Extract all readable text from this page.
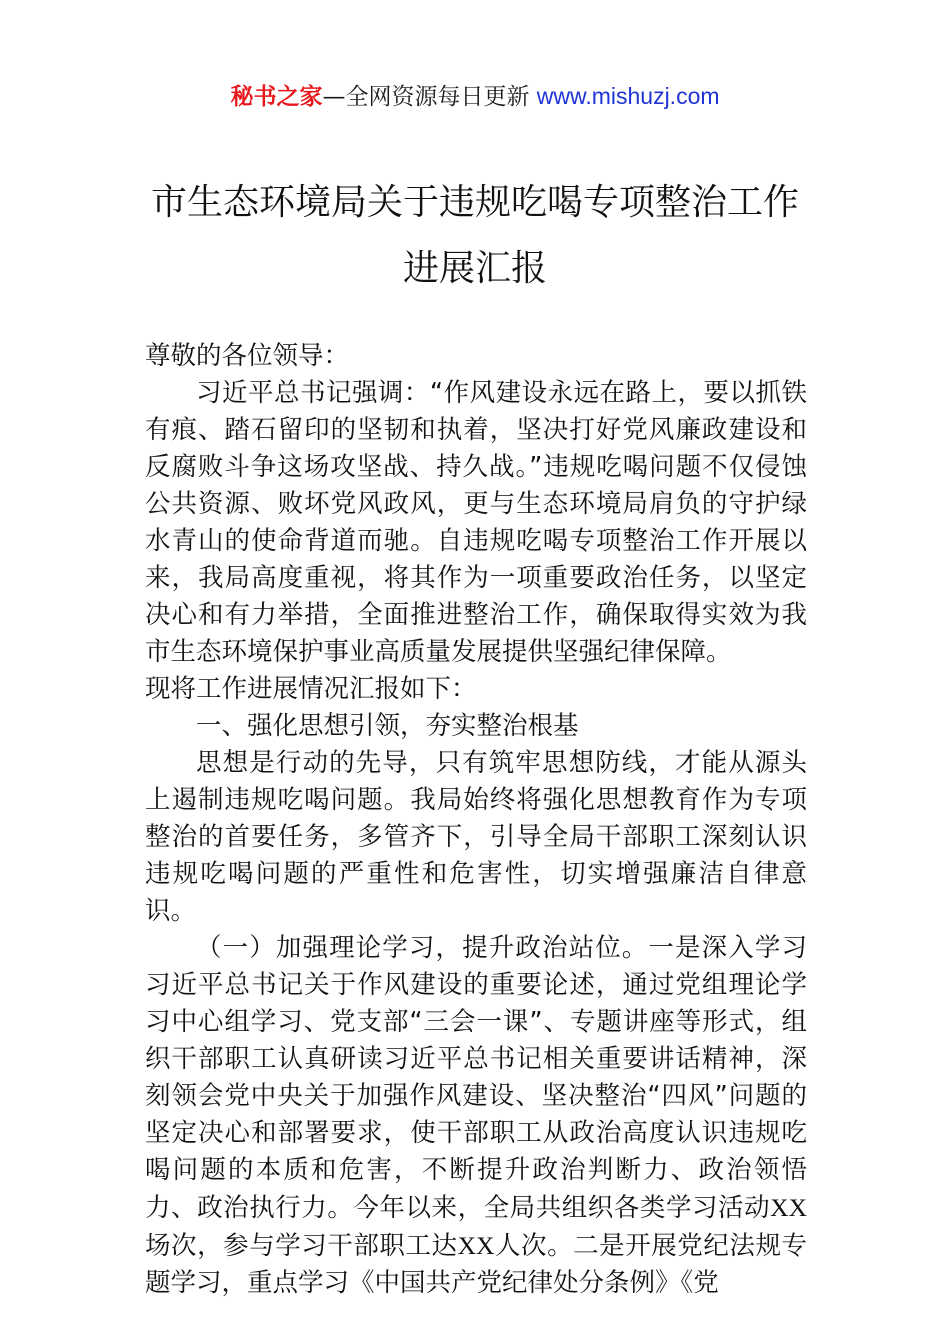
秘书之家—全网资源每日更新 www.mishuzj.com
市生态环境局关于违规吃喝专项整治工作
进展汇报

尊敬的各位领导：

习近平总书记强调：“作风建设永远在路上，要以抓铁有痕、踏石留印的坚韧和执着，坚决打好党风廉政建设和反腐败斗争这场攻坚战、持久战。”违规吃喝问题不仅侵蚀公共资源、败坏党风政风，更与生态环境局肩负的守护绿水青山的使命背道而驰。自违规吃喝专项整治工作开展以来，我局高度重视，将其作为一项重要政治任务，以坚定决心和有力举措，全面推进整治工作，确保取得实效为我市生态环境保护事业高质量发展提供坚强纪律保障。

现将工作进展情况汇报如下：

一、强化思想引领，夯实整治根基

思想是行动的先导，只有筑牢思想防线，才能从源头上遏制违规吃喝问题。我局始终将强化思想教育作为专项整治的首要任务，多管齐下，引导全局干部职工深刻认识违规吃喝问题的严重性和危害性，切实增强廉洁自律意识。

（一）加强理论学习，提升政治站位。一是深入学习习近平总书记关于作风建设的重要论述，通过党组理论学习中心组学习、党支部“三会一课”、专题讲座等形式，组织干部职工认真研读习近平总书记相关重要讲话精神，深刻领会党中央关于加强作风建设、坚决整治“四风”问题的坚定决心和部署要求，使干部职工从政治高度认识违规吃喝问题的本质和危害，不断提升政治判断力、政治领悟力、政治执行力。今年以来，全局共组织各类学习活动XX场次，参与学习干部职工达XX人次。二是开展党纪法规专题学习，重点学习《中国共产党纪律处分条例》《党
